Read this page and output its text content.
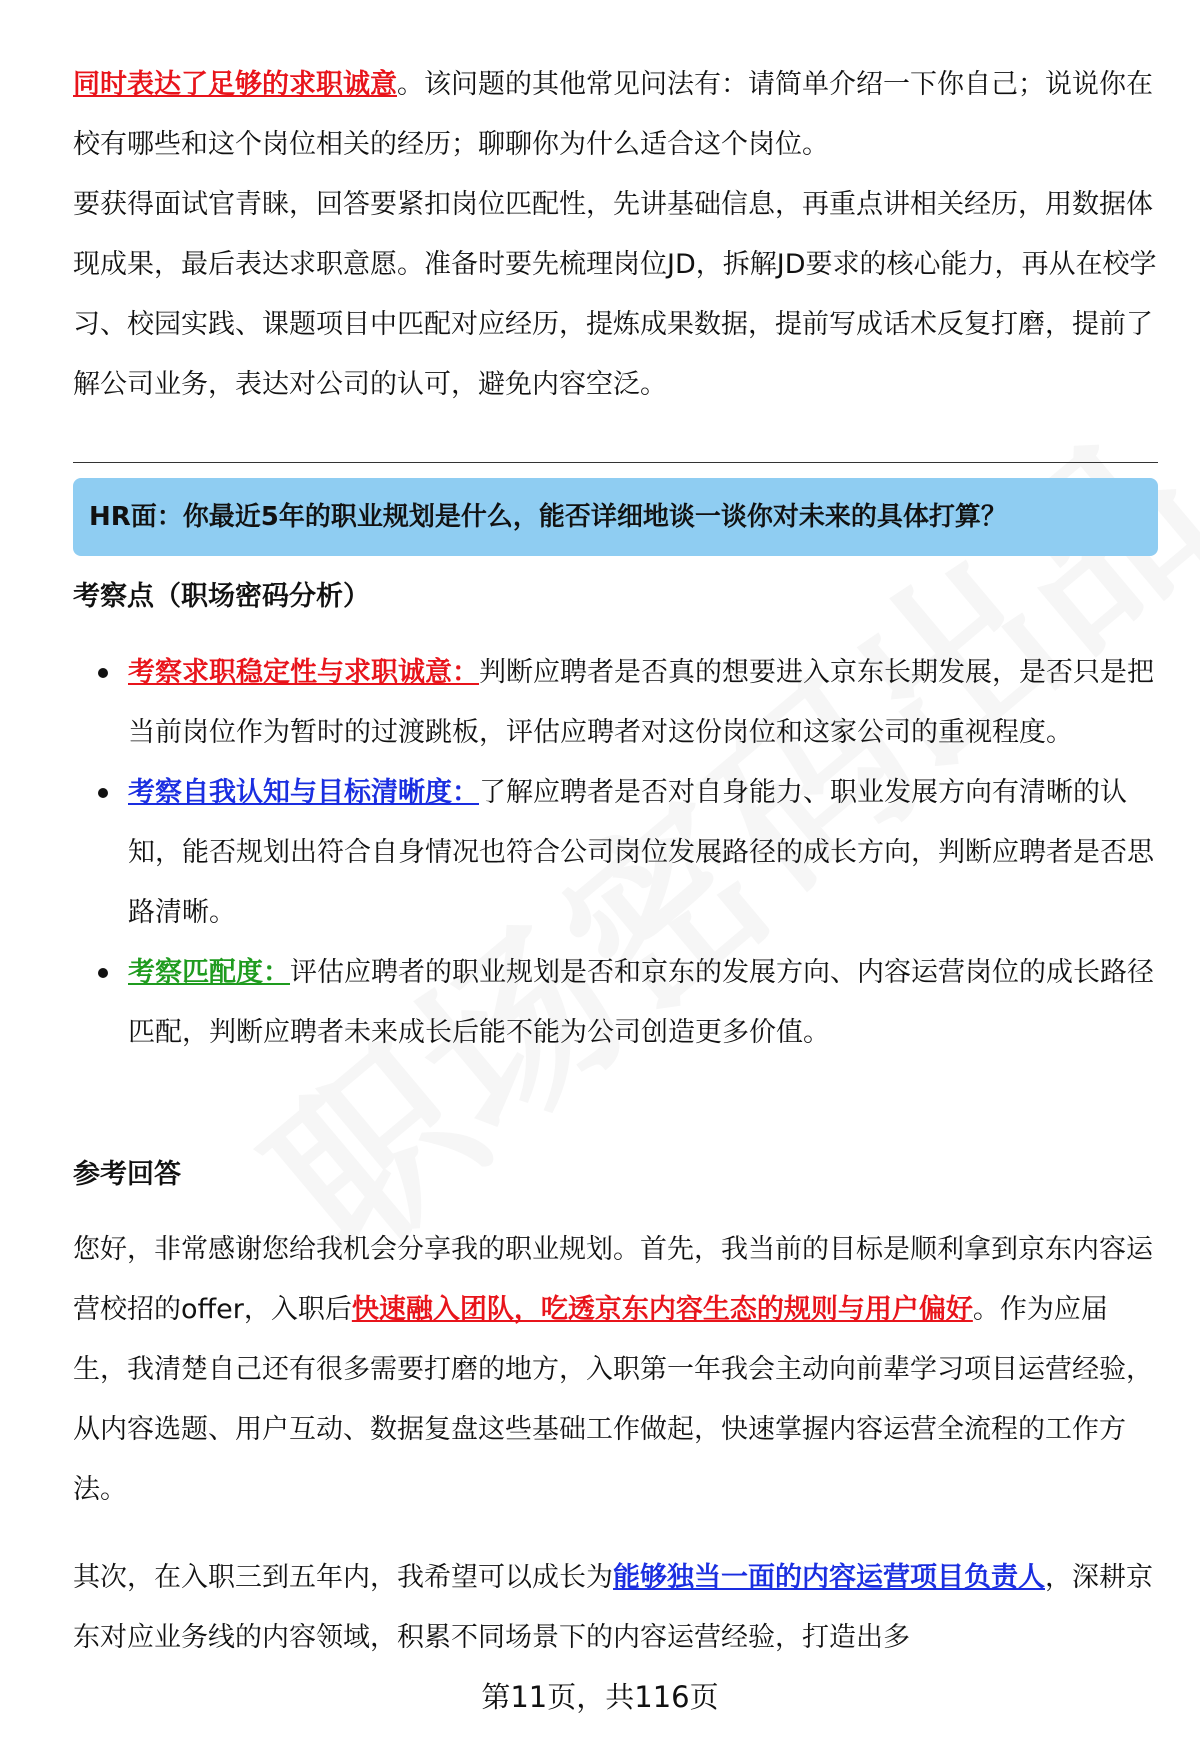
同时表达了足够的求职诚意。该问题的其他常见问法有：请简单介绍一下你自己；说说你在校有哪些和这个岗位相关的经历；聊聊你为什么适合这个岗位。
要获得面试官青睐，回答要紧扣岗位匹配性，先讲基础信息，再重点讲相关经历，用数据体现成果，最后表达求职意愿。准备时要先梳理岗位JD，拆解JD要求的核心能力，再从在校学习、校园实践、课题项目中匹配对应经历，提炼成果数据，提前写成话术反复打磨，提前了解公司业务，表达对公司的认可，避免内容空泛。
HR面：你最近5年的职业规划是什么，能否详细地谈一谈你对未来的具体打算？
考察点（职场密码分析）
考察求职稳定性与求职诚意：判断应聘者是否真的想要进入京东长期发展，是否只是把当前岗位作为暂时的过渡跳板，评估应聘者对这份岗位和这家公司的重视程度。
考察自我认知与目标清晰度：了解应聘者是否对自身能力、职业发展方向有清晰的认知，能否规划出符合自身情况也符合公司岗位发展路径的成长方向，判断应聘者是否思路清晰。
考察匹配度：评估应聘者的职业规划是否和京东的发展方向、内容运营岗位的成长路径匹配，判断应聘者未来成长后能不能为公司创造更多价值。
参考回答
您好，非常感谢您给我机会分享我的职业规划。首先，我当前的目标是顺利拿到京东内容运营校招的offer，入职后快速融入团队，吃透京东内容生态的规则与用户偏好。作为应届生，我清楚自己还有很多需要打磨的地方，入职第一年我会主动向前辈学习项目运营经验，从内容选题、用户互动、数据复盘这些基础工作做起，快速掌握内容运营全流程的工作方法。
其次，在入职三到五年内，我希望可以成长为能够独当一面的内容运营项目负责人，深耕京东对应业务线的内容领域，积累不同场景下的内容运营经验，打造出多
第11页，共116页
